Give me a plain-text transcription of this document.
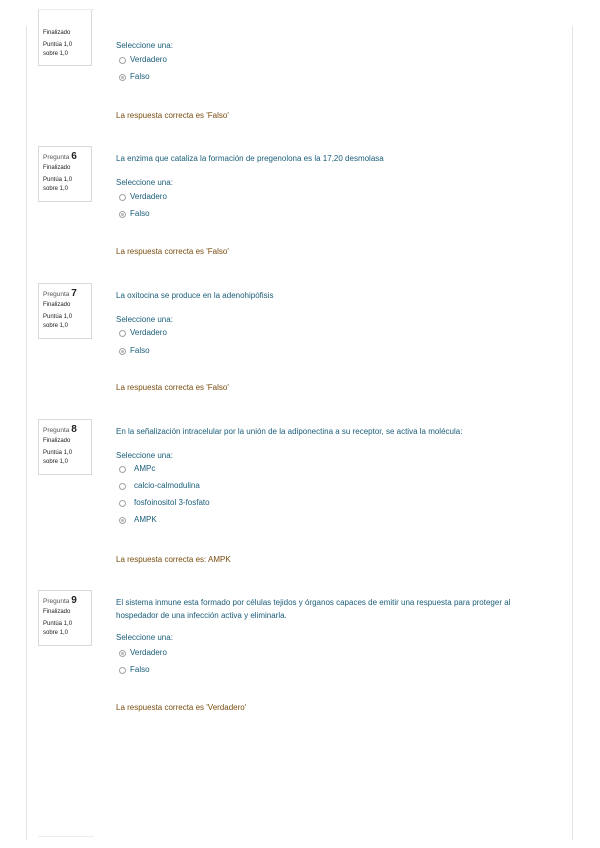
Finalizado
Puntúa 1,0 sobre 1,0
Seleccione una:
Verdadero
Falso
La respuesta correcta es 'Falso'
Pregunta 6
Finalizado
Puntúa 1,0 sobre 1,0
La enzima que cataliza la formación de pregenolona es la 17,20 desmolasa
Seleccione una:
Verdadero
Falso
La respuesta correcta es 'Falso'
Pregunta 7
Finalizado
Puntúa 1,0 sobre 1,0
La oxitocina se produce en la adenohipófisis
Seleccione una:
Verdadero
Falso
La respuesta correcta es 'Falso'
Pregunta 8
Finalizado
Puntúa 1,0 sobre 1,0
En la señalización intracelular por la unión de la adiponectina a su receptor, se activa la molécula:
Seleccione una:
AMPc
calcio-calmodulina
fosfoinositol 3-fosfato
AMPK
La respuesta correcta es: AMPK
Pregunta 9
Finalizado
Puntúa 1,0 sobre 1,0
El sistema inmune esta formado por células tejidos y órganos capaces de emitir una respuesta para proteger al hospedador de una infección activa y eliminarla.
Seleccione una:
Verdadero
Falso
La respuesta correcta es 'Verdadero'
